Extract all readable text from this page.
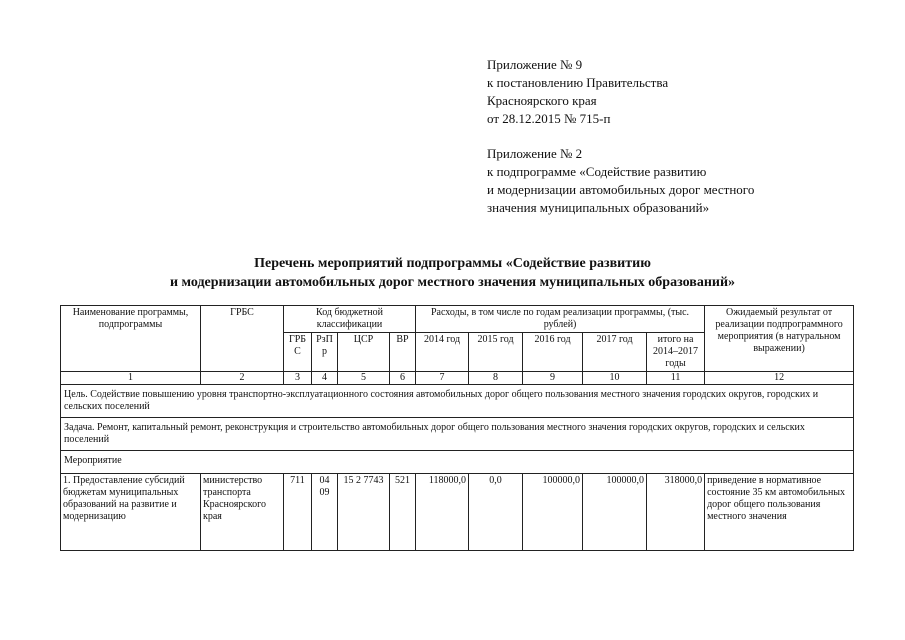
Приложение № 9
к постановлению Правительства
Красноярского края
от 28.12.2015 № 715-п
Приложение № 2
к подпрограмме «Содействие развитию
и модернизации автомобильных дорог местного
значения муниципальных образований»
Перечень мероприятий подпрограммы «Содействие развитию
и модернизации автомобильных дорог местного значения муниципальных образований»
Наименование программы, подпрограммы	ГРБС	Код бюджетной классификации				Расходы, в том числе по годам реализации программы, (тыс. рублей)					Ожидаемый результат от реализации подпрограммного мероприятия (в натуральном выражении)
		ГРБ С	РзПр	ЦСР	ВР	2014 год	2015 год	2016 год	2017 год	итого на 2014–2017 годы	
1	2	3	4	5	6	7	8	9	10	11	12
Цель. Содействие повышению уровня транспортно-эксплуатационного состояния автомобильных дорог общего пользования местного значения городских округов, городских и сельских поселений											
Задача. Ремонт, капитальный ремонт, реконструкция и строительство автомобильных дорог общего пользования местного значения городских округов, городских и сельских поселений											
Мероприятие											
1. Предоставление субсидий бюджетам муниципальных образований на развитие и модернизацию	министерство транспорта Красноярского края	711	04 09	15 2 7743	521	118000,0	0,0	100000,0	100000,0	318000,0	приведение в нормативное состояние 35 км автомобильных дорог общего пользования местного значения
